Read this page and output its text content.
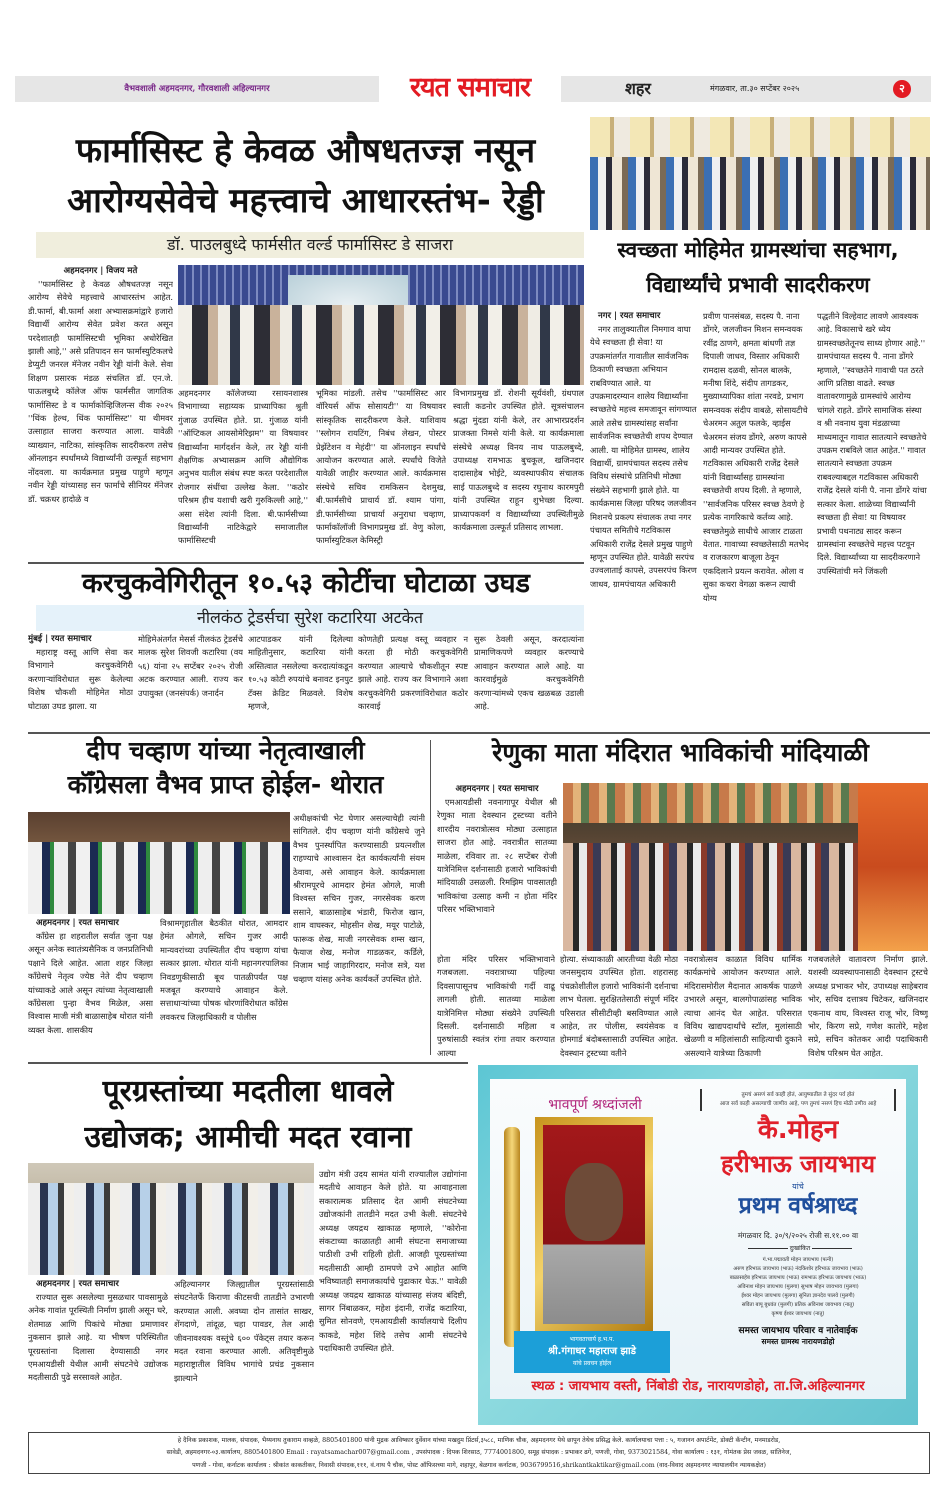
वैभवशाली अहमदनगर, गौरवशाली अहिल्यानगर	रयत समाचार	शहर	मंगळवार, ता.३० सप्टेंबर २०२५	२
फार्मासिस्ट हे केवळ औषधतज्ज्ञ नसून
आरोग्यसेवेचे महत्त्वाचे आधारस्तंभ- रेड्डी
डॉ. पाउलबुध्दे फार्मसीत वर्ल्ड फार्मासिस्ट डे साजरा
अहमदनगर | विजय मते
''फार्मासिस्ट हे केवळ औषधतज्ज्ञ नसून आरोग्य सेवेचे महत्त्वाचे आधारस्तंभ आहेत. डी.फार्मा, बी.फार्मा अशा अभ्यासक्रमांद्वारे हजारो विद्यार्थी आरोग्य सेवेत प्रवेश करत असून परदेशातही फार्मासिस्टची भूमिका अधोरेखित झाली आहे,'' असे प्रतिपादन सन फार्मास्युटिकलचे डेप्युटी जनरल मॅनेजर नवीन रेड्डी यांनी केले. सेवा शिक्षण प्रसारक मंडळ संचलित डॉ. एन.जे. पाऊलबुध्दे कॉलेज ऑफ फार्मसीत जागतिक फार्मासिस्ट डे व फार्माकोव्हिजिलन्स वीक २०२५ ''थिंक हेल्थ, थिंक फार्मासिस्ट'' या थीमवर उत्साहात साजरा करण्यात आला. यावेळी व्याख्यान, नाटिका, सांस्कृतिक सादरीकरण तसेच ऑनलाइन स्पर्धांमध्ये विद्यार्थ्यांनी उत्स्फूर्त सहभाग नोंदवला. या कार्यक्रमात प्रमुख पाहुणे म्हणून नवीन रेड्डी यांच्यासह सन फार्माचे सीनियर मॅनेजर डॉ. चक्रधर हादोळे व
अहमदनगर कॉलेजच्या रसायनशास्त्र विभागाच्या सहाय्यक प्राध्यापिका श्रुती गुंजाळ उपस्थित होते. प्रा. गुंजाळ यांनी ''ऑप्टिकल आयसोमेरिझम'' या विषयावर विद्यार्थ्यांना मार्गदर्शन केले, तर रेड्डी यांनी शैक्षणिक अभ्यासक्रम आणि औद्योगिक अनुभव यातील संबंध स्पष्ट करत परदेशातील रोजगार संधींचा उल्लेख केला. ''कठोर परिश्रम हीच यशाची खरी गुरुकिल्ली आहे,'' असा संदेश त्यांनी दिला. बी.फार्मसीच्या विद्यार्थ्यांनी नाटिकेद्वारे समाजातील फार्मासिस्टची
भूमिका मांडली. तसेच ''फार्मासिस्ट आर वॉरियर्स ऑफ सोसायटी'' या विषयावर सांस्कृतिक सादरीकरण केले. याशिवाय ''स्लोगन रायटिंग, निबंध लेखन, पोस्टर प्रेझेंटेशन व मेहंदी'' या ऑनलाइन स्पर्धांचे आयोजन करण्यात आले. स्पर्धांचे विजेते यावेळी जाहीर करण्यात आले. कार्यक्रमास संस्थेचे सचिव रामकिसन देशमुख, बी.फार्मसीचे प्राचार्य डॉ. श्याम पांगा, डी.फार्मसीच्या प्राचार्या अनुराधा चव्हाण, फार्माकॉलॉजी विभागप्रमुख डॉ. वेणु कोला, फार्मास्युटिकल केमिस्ट्री
विभागप्रमुख डॉ. रोशनी सूर्यवंशी, ग्रंथपाल स्वाती कडनोर उपस्थित होते. सूत्रसंचालन श्रद्धा मुंदडा यांनी केले, तर आभारप्रदर्शन प्राजक्ता निमसे यांनी केले. या कार्यक्रमाला संस्थेचे अध्यक्ष विनय नाथ पाऊलबुध्दे, उपाध्यक्ष रामभाऊ बुचकूल, खजिनदार दादासाहेब भोईटे, व्यवस्थापकीय संचालक साई पाऊलबुध्दे व सदस्य रघुनाथ कारमपुरी यांनी उपस्थित राहून शुभेच्छा दिल्या. प्राध्यापकवर्ग व विद्यार्थ्यांच्या उपस्थितीमुळे कार्यक्रमाला उत्स्फूर्त प्रतिसाद लाभला.
करचुकवेगिरीतून १०.५३ कोटींचा घोटाळा उघड
नीलकंठ ट्रेडर्सचा सुरेश कटारिया अटकेत
मुंबई | रयत समाचार
महाराष्ट्र वस्तू आणि सेवा कर विभागाने करचुकवेगिरी करणाऱ्यांविरोधात सुरू केलेल्या विशेष चौकशी मोहिमेत मोठा घोटाळा उघड झाला. या
मोहिमेअंतर्गत मेसर्स नीलकंठ ट्रेडर्सचे मालक सुरेश शिवजी कटारिया (वय ५६) यांना २५ सप्टेंबर २०२५ रोजी अटक करण्यात आली. राज्य कर उपायुक्त (जनसंपर्क) जनार्दन
आटपाडकर यांनी दिलेल्या माहितीनुसार, कटारिया यांनी अस्तित्वात नसलेल्या करदात्यांकडून १०.५३ कोटी रुपयांचे बनावट इनपुट टॅक्स क्रेडिट मिळवले. विशेष म्हणजे,
कोणतेही प्रत्यक्ष वस्तू व्यवहार न करता ही मोठी करचुकवेगिरी करण्यात आल्याचे चौकशीतून स्पष्ट झाले आहे. राज्य कर विभागाने अशा करचुकवेगिरी प्रकरणांविरोधात कठोर कारवाई
सुरू ठेवली असून, करदात्यांना प्रामाणिकपणे व्यवहार करण्याचे आवाहन करण्यात आले आहे. या कारवाईमुळे करचुकवेगिरी करणाऱ्यांमध्ये एकच खळबळ उडाली आहे.
स्वच्छता मोहिमेत ग्रामस्थांचा सहभाग,
विद्यार्थ्यांचे प्रभावी सादरीकरण
नगर | रयत समाचार
नगर तालुक्यातील निमगाव वाघा येथे स्वच्छता ही सेवा! या उपक्रमांतर्गत गावातील सार्वजनिक ठिकाणी स्वच्छता अभियान राबविण्यात आले. या उपक्रमादरम्यान शालेय विद्यार्थ्यांना स्वच्छतेचे महत्त्व समजावून सांगण्यात आले तसेच ग्रामस्थांसह सर्वांना सार्वजनिक स्वच्छतेची शपथ देण्यात आली. या मोहिमेत ग्रामस्थ, शालेय विद्यार्थी, ग्रामपंचायत सदस्य तसेच विविध संस्थांचे प्रतिनिधी मोठ्या संख्येने सहभागी झाले होते. या कार्यक्रमास जिल्हा परिषद जलजीवन मिशनचे प्रकल्प संचालक तथा नगर पंचायत समितीचे गटविकास अधिकारी राजेंद्र देसले प्रमुख पाहुणे म्हणून उपस्थित होते. यावेळी सरपंच उज्वलाताई कापसे, उपसरपंच किरण जाधव, ग्रामपंचायत अधिकारी
प्रवीण पानसंबळ, सदस्य पै. नाना डोंगरे, जलजीवन मिशन समन्वयक रवींद्र ठाणगे, क्षमता बांधणी तज्ञ दिपाली जाधव, विस्तार अधिकारी रामदास दळवी, सोनल बालके, मनीषा शिंदे, संदीप तागडकर, मुख्याध्यापिका शांता नरवडे, प्रभाग समन्वयक संदीप वाबळे, सोसायटीचे चेअरमन अतुल फलके, व्हाईस चेअरमन संजय डोंगरे, अरुण कापसे आदी मान्यवर उपस्थित होते. गटविकास अधिकारी राजेंद्र देसले यांनी विद्यार्थ्यांसह ग्रामस्थांना स्वच्छतेची शपथ दिली. ते म्हणाले, ''सार्वजनिक परिसर स्वच्छ ठेवणे हे प्रत्येक नागरिकाचे कर्तव्य आहे. स्वच्छतेमुळे साथीचे आजार टाळता येतात. गावाच्या स्वच्छतेसाठी मतभेद व राजकारण बाजूला ठेवून एकदिलाने प्रयत्न करावेत. ओला व सुका कचरा वेगळा करून त्याची योग्य
पद्धतीने विल्हेवाट लावणे आवश्यक आहे. विकासाचे खरे ध्येय ग्रामस्वच्छतेतूनच साध्य होणार आहे.'' ग्रामपंचायत सदस्य पै. नाना डोंगरे म्हणाले, ''स्वच्छतेने गावाची पत ठरते आणि प्रतिष्ठा वाढते. स्वच्छ वातावरणामुळे ग्रामस्थांचे आरोग्य चांगले राहते. डोंगरे सामाजिक संस्था व श्री नवनाथ युवा मंडळाच्या माध्यमातून गावात सातत्याने स्वच्छतेचे उपक्रम राबविले जात आहेत.'' गावात सातत्याने स्वच्छता उपक्रम राबवल्याबद्दल गटविकास अधिकारी राजेंद्र देसले यांनी पै. नाना डोंगरे यांचा सत्कार केला. शाळेच्या विद्यार्थ्यांनी स्वच्छता ही सेवा! या विषयावर प्रभावी पथनाट्य सादर करून ग्रामस्थांना स्वच्छतेचे महत्त्व पटवून दिले. विद्यार्थ्यांच्या या सादरीकरणाने उपस्थितांची मने जिंकली
दीप चव्हाण यांच्या नेतृत्वाखाली
कॉँग्रेसला वैभव प्राप्त होईल- थोरात
अधीक्षकांची भेट घेणार असल्याचेही त्यांनी सांगितले. दीप चव्हाण यांनी काँग्रेसचे जुने वैभव पुनर्स्थापित करण्यासाठी प्रयत्नशील राहण्याचे आश्वासन देत कार्यकर्त्यांनी संयम ठेवावा, असे आवाहन केले. कार्यक्रमाला श्रीरामपूरचे आमदार हेमंत ओगले, माजी विश्वस्त सचिन गुजर, नगरसेवक करण ससाने, बाळासाहेब भंडारी, फिरोज खान, शाम वाघस्कर, मोहसीन शेख, मयूर पाटोळे, फारूक शेख, माजी नगरसेवक शम्स खान, फैयाज शेख, मनोज गाडळकर, कर्डिले, निजाम भाई जाहागिरदार, मनोज सत्रे, यश चव्हाण यांसह अनेक कार्यकर्ते उपस्थित होते.
अहमदनगर | रयत समाचार
काँग्रेस हा शहरातील सर्वात जुना पक्ष असून अनेक स्वातंत्र्यसैनिक व जनप्रतिनिधी पक्षाने दिले आहेत. आता शहर जिल्हा काँग्रेसचे नेतृत्व ज्येष्ठ नेते दीप चव्हाण यांच्याकडे आले असून त्यांच्या नेतृत्वाखाली काँग्रेसला पुन्हा वैभव मिळेल, असा विश्वास माजी मंत्री बाळासाहेब थोरात यांनी व्यक्त केला. शासकीय
विश्रामगृहातील बैठकीत थोरात, आमदार हेमंत ओगले, सचिन गुजर आदी मान्यवरांच्या उपस्थितीत दीप चव्हाण यांचा सत्कार झाला. थोरात यांनी महानगरपालिका निवडणुकीसाठी बूथ पातळीपर्यंत पक्ष मजबूत करण्याचे आवाहन केले. सत्ताधाऱ्यांच्या पोषक धोरणांविरोधात काँग्रेस लवकरच जिल्हाधिकारी व पोलीस
रेणुका माता मंदिरात भाविकांची मांदियाळी
अहमदनगर | रयत समाचार
एमआयडीसी नवनागापूर येथील श्री रेणुका माता देवस्थान ट्रस्टच्या वतीने शारदीय नवरात्रोत्सव मोठ्या उत्साहात साजरा होत आहे. नवरात्रीत सातव्या माळेला, रविवार ता. २८ सप्टेंबर रोजी यात्रेनिमित्त दर्शनासाठी हजारो भाविकांची मांदियाळी उसळली. रिमझिम पावसातही भाविकांचा उत्साह कमी न होता मंदिर परिसर भक्तिभावाने
होता मंदिर परिसर भक्तिभावाने गजबजला. नवरात्राच्या पहिल्या दिवसापासूनच भाविकांची गर्दी वाढू लागली होती. सातव्या माळेला यात्रेनिमित्त मोठ्या संख्येने उपस्थिती दिसली. दर्शनासाठी महिला व पुरुषांसाठी स्वतंत्र रांगा तयार करण्यात आल्या
होत्या. संध्याकाळी आरतीच्या वेळी मोठा जनसमुदाय उपस्थित होता. शहरासह पंचक्रोशीतील हजारो भाविकांनी दर्शनाचा लाभ घेतला. सुरक्षिततेसाठी संपूर्ण मंदिर परिसरात सीसीटीव्ही बसविण्यात आले आहेत, तर पोलीस, स्वयंसेवक व होमगार्ड बंदोबस्तासाठी उपस्थित आहेत. देवस्थान ट्रस्टच्या वतीने
नवरात्रोत्सव काळात विविध धार्मिक कार्यक्रमांचे आयोजन करण्यात आले. मंदिरासमोरील मैदानात आकर्षक पाळणे उभारले असून, बालगोपाळांसह भाविक त्याचा आनंद घेत आहेत. परिसरात विविध खाद्यपदार्थांचे स्टॉल, मुलांसाठी खेळणी व महिलांसाठी साहित्याची दुकाने असल्याने यात्रेच्या ठिकाणी
गजबजलेले वातावरण निर्माण झाले. यशस्वी व्यवस्थापनासाठी देवस्थान ट्रस्टचे अध्यक्ष प्रभाकर भोर, उपाध्यक्ष साहेबराव भोर, सचिव दत्तात्रय चिटेकर, खजिनदार एकनाथ वाघ, विश्वस्त राजू भोर, विष्णू भोर, किरण सप्रे, गणेश कातोरे, महेश सप्रे, सचिन कोतकर आदी पदाधिकारी विशेष परिश्रम घेत आहेत.
पूरग्रस्तांच्या मदतीला धावले
उद्योजक; आमीची मदत रवाना
उद्योग मंत्री उदय सामंत यांनी राज्यातील उद्योगांना मदतीचे आवाहन केले होते. या आवाहनाला सकारात्मक प्रतिसाद देत आमी संघटनेच्या उद्योजकांनी तातडीने मदत उभी केली. संघटनेचे अध्यक्ष जयद्रथ खाकाळ म्हणाले, ''कोरोना संकटाच्या काळातही आमी संघटना समाजाच्या पाठीशी उभी राहिली होती. आजही पूरग्रस्तांच्या मदतीसाठी आम्ही ठामपणे उभे आहोत आणि भविष्यातही समाजकार्याचे पुढाकार घेऊ.'' यावेळी अध्यक्ष जयद्रथ खाकाळ यांच्यासह संजय बंदिष्टी, सागर निंबाळकर, महेश इंदानी, राजेंद्र कटारिया, सुमित सोनवणे, एमआयडीसी कार्यालयाचे दिलीप काकडे, महेश शिंदे तसेच आमी संघटनेचे पदाधिकारी उपस्थित होते.
अहमदनगर | रयत समाचार
राज्यात सुरू असलेल्या मुसळधार पावसामुळे अनेक गावांत पूरस्थिती निर्माण झाली असून घरे, शेतमाळ आणि पिकांचे मोठ्या प्रमाणावर नुकसान झाले आहे. या भीषण परिस्थितीत पूरग्रस्तांना दिलासा देण्यासाठी नगर एमआयडीसी येथील आमी संघटनेचे उद्योजक मदतीसाठी पुढे सरसावले आहेत.
अहिल्यानगर जिल्ह्यातील पूरग्रस्तांसाठी संघटनेतर्फे किराणा कीटसची तातडीने उभारणी करण्यात आली. अवघ्या दोन तासांत साखर, शेंगदाणे, तांदूळ, चहा पावडर, तेल आदी जीवनावश्यक वस्तूंचे ६०० पॅकेट्स तयार करून मदत रवाना करण्यात आली. अतिवृष्टीमुळे महाराष्ट्रातील विविध भागांचे प्रचंड नुकसान झाल्याने
भावपूर्ण श्रध्दांजली
तुमचं असणं सर्व काही होतं, आयुष्यातील ते सुंदर पर्व होतं
आज सर्व काही असल्याची जाणीव आहे, पण तुमचं नसणं हिच मोठी उणीव आहे
कै.मोहन
हरीभाऊ जायभाय
यांचे
प्रथम वर्षश्राध्द
मंगळवार दि. ३०/९/२०२५ रोजी स.११.०० वा
दुःखांकित
गं.भा.पद्मावती मोहन जायभाय (पत्नी)
अरुण हरिभाऊ जायभाय (भाऊ) नंदकिशोर हरिभाऊ जायभाय (भाऊ)
बाळासाहेब हरिभाऊ जायभाय (भाऊ) रामभाऊ हरिभाऊ जायभाय (भाऊ)
अविनाश मोहन जायभाय (मुलगा) सुभाष मोहन जायभाय (मुलगा)
ईश्वर मोहन जायभाय (मुलगा) सुनिता ज्ञानदेव पालवे (मुलगी)
सविता बापू बुधवंत (मुलगी) प्रतिक अविनाश जायभाय (नातू)
कृष्णा ईश्वर जायभाय (नातू)
समस्त जायभाय परिवार व नातेवाईक
समस्त ग्रामस्थ नारायणडोहो
भागवताचार्य ह.भ.प.
श्री.गंगाधर महाराज झाडे
यांचे प्रवचन होईल
स्थळ : जायभाय वस्ती, निंबोडी रोड, नारायणडोहो, ता.जि.अहिल्यानगर
हे दैनिक प्रकाशक, मालक, संपादक, भैय्यनाथ तुकाराम वाव्हळे, 8805401800 यांनी मुद्रक आविष्कार दुर्वेवान यांच्या मखदुम प्रिंटर्स,३५८८, माणिक चौक, अहमदनगर येथे छापून तेथेच प्रसिद्ध केले. कार्यालयाचा पत्ता : ५, गजानन अपार्टमेंट, डोक्टी कॅन्टीन, मनमाडरोड,
सावेडी, अहमदनगर-०३.कार्यालय, 8805401800 Email : rayatsamachar007@gmail.com , उपसंपादक : दिपक शिरसाठ, 7774001800, समूह संपादक : प्रभाकर ढगे, पणजी, गोवा, 9373021584, गोवा कार्यालय : १३१, गोमंतक प्रेस जवळ, सांतिनेज,
पणजी - गोवा, कर्नाटक कार्यालय : श्रीकांत काकतीकर, निवासी संपादक,१११, वं.नाथ पै चौक, पोस्ट ऑफिसच्या मागे, शहापूर, बेळगाव कर्नाटक, 9036799516,shrikantkaktikar@gmail.com (वाद-विवाद अहमदनगर न्यायालयीन न्यायकक्षेत)
